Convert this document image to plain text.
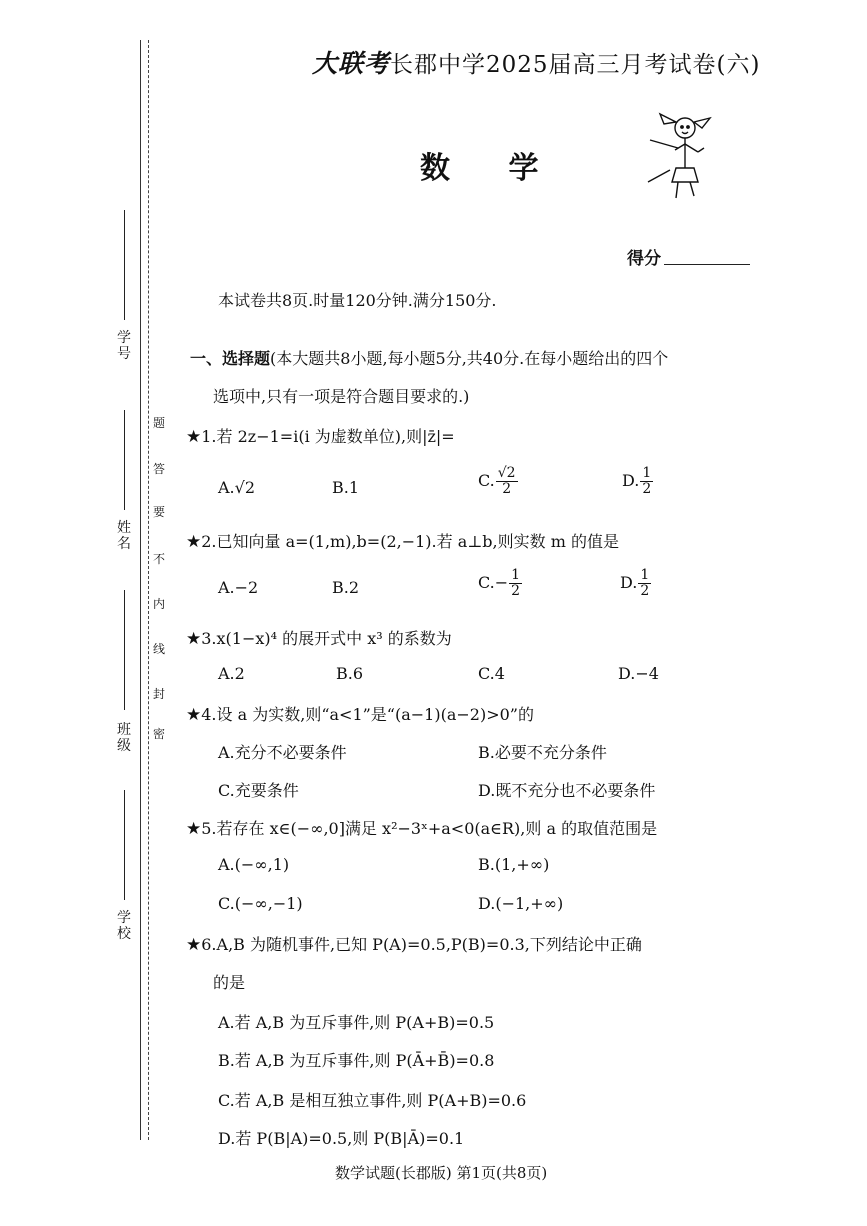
学号
姓名
班级
学校
密
封
线
内
不
要
答
题
大联考长郡中学2025届高三月考试卷(六)
数 学
得分
本试卷共8页.时量120分钟.满分150分.
一、选择题(本大题共8小题,每小题5分,共40分.在每小题给出的四个
选项中,只有一项是符合题目要求的.)
★1.若 2z−1=i(i 为虚数单位),则|z̄|=
A.√2	B.1	C. $\frac{√2}{2}$	D. $\frac{1}{2}$
★2.已知向量 a=(1,m),b=(2,−1).若 a⊥b,则实数 m 的值是
A.−2	B.2	$C.- \frac{1}{2}$	D. $\frac{1}{2}$
★3.x(1−x)⁴ 的展开式中 x³ 的系数为
A.2	B.6	C.4	D.−4
★4.设 a 为实数,则“a<1”是“(a−1)(a−2)>0”的
A.充分不必要条件	B.必要不充分条件
C.充要条件	D.既不充分也不必要条件
★5.若存在 x∈(−∞,0]满足 x²−3ˣ+a<0(a∈R),则 a 的取值范围是
A.(−∞,1)	B.(1,+∞)
C.(−∞,−1)	D.(−1,+∞)
★6.A,B 为随机事件,已知 P(A)=0.5,P(B)=0.3,下列结论中正确
的是
A.若 A,B 为互斥事件,则 P(A+B)=0.5
B.若 A,B 为互斥事件,则 P(Ā+B̄)=0.8
C.若 A,B 是相互独立事件,则 P(A+B)=0.6
D.若 P(B|A)=0.5,则 P(B|Ā)=0.1
数学试题(长郡版) 第1页(共8页)
